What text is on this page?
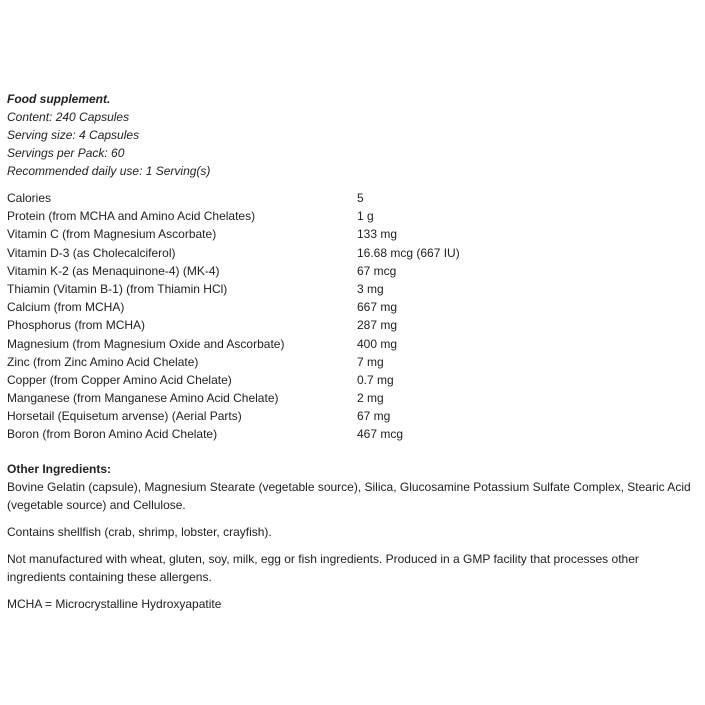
Food supplement.
Content: 240 Capsules
Serving size: 4 Capsules
Servings per Pack: 60
Recommended daily use: 1 Serving(s)
Calories	5
Protein (from MCHA and Amino Acid Chelates)	1 g
Vitamin C (from Magnesium Ascorbate)	133 mg
Vitamin D-3 (as Cholecalciferol)	16.68 mcg (667 IU)
Vitamin K-2 (as Menaquinone-4) (MK-4)	67 mcg
Thiamin (Vitamin B-1) (from Thiamin HCl)	3 mg
Calcium (from MCHA)	667 mg
Phosphorus (from MCHA)	287 mg
Magnesium (from Magnesium Oxide and Ascorbate)	400 mg
Zinc (from Zinc Amino Acid Chelate)	7 mg
Copper (from Copper Amino Acid Chelate)	0.7 mg
Manganese (from Manganese Amino Acid Chelate)	2 mg
Horsetail (Equisetum arvense) (Aerial Parts)	67 mg
Boron (from Boron Amino Acid Chelate)	467 mcg
Other Ingredients:

Bovine Gelatin (capsule), Magnesium Stearate (vegetable source), Silica, Glucosamine Potassium Sulfate Complex, Stearic Acid (vegetable source) and Cellulose.

Contains shellfish (crab, shrimp, lobster, crayfish).

Not manufactured with wheat, gluten, soy, milk, egg or fish ingredients. Produced in a GMP facility that processes other ingredients containing these allergens.

MCHA = Microcrystalline Hydroxyapatite
